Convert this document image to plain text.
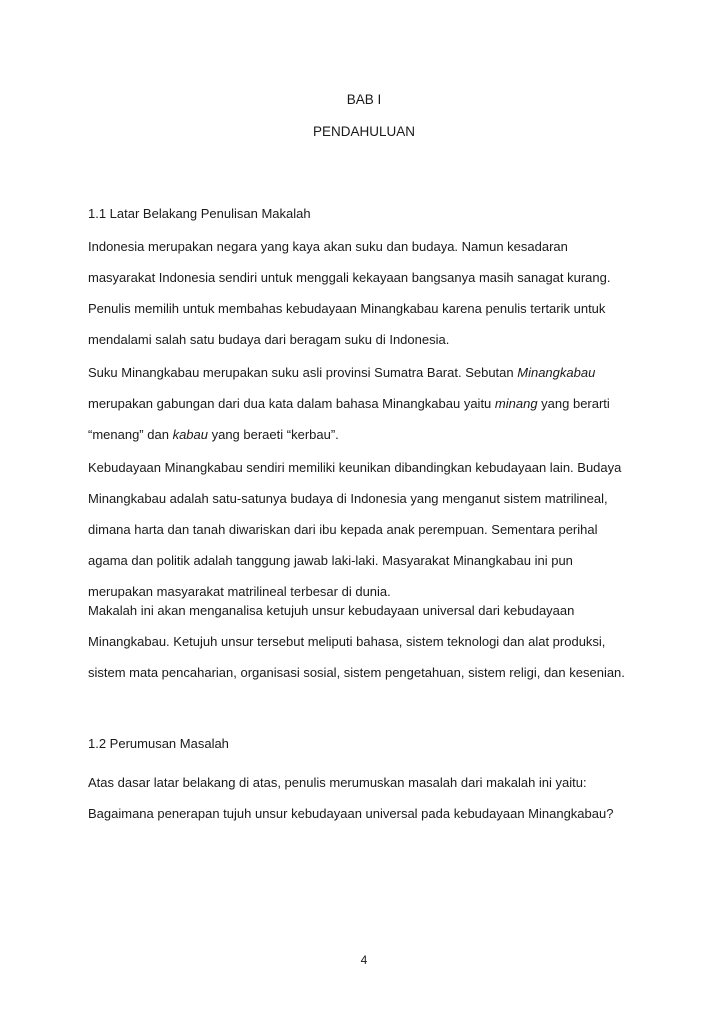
BAB I
PENDAHULUAN
1.1 Latar Belakang Penulisan Makalah
Indonesia merupakan negara yang kaya akan suku dan budaya. Namun kesadaran
masyarakat Indonesia sendiri untuk menggali kekayaan bangsanya masih sanagat kurang.
Penulis memilih untuk membahas kebudayaan Minangkabau karena penulis tertarik untuk
mendalami salah satu budaya dari beragam suku di Indonesia.
Suku Minangkabau merupakan suku asli provinsi Sumatra Barat. Sebutan Minangkabau
merupakan gabungan dari dua kata dalam bahasa Minangkabau yaitu minang yang berarti
“menang” dan kabau yang beraeti “kerbau”.
Kebudayaan Minangkabau sendiri memiliki keunikan dibandingkan kebudayaan lain. Budaya
Minangkabau adalah satu-satunya budaya di Indonesia yang menganut sistem matrilineal,
dimana harta dan tanah diwariskan dari ibu kepada anak perempuan. Sementara perihal
agama dan politik adalah tanggung jawab laki-laki. Masyarakat Minangkabau ini pun
merupakan masyarakat matrilineal terbesar di dunia.
Makalah ini akan menganalisa ketujuh unsur kebudayaan universal dari kebudayaan
Minangkabau. Ketujuh unsur tersebut meliputi bahasa, sistem teknologi dan alat produksi,
sistem mata pencaharian, organisasi sosial, sistem pengetahuan, sistem religi, dan kesenian.
1.2 Perumusan Masalah
Atas dasar latar belakang di atas, penulis merumuskan masalah dari makalah ini yaitu:
Bagaimana penerapan tujuh unsur kebudayaan universal pada kebudayaan Minangkabau?
4
